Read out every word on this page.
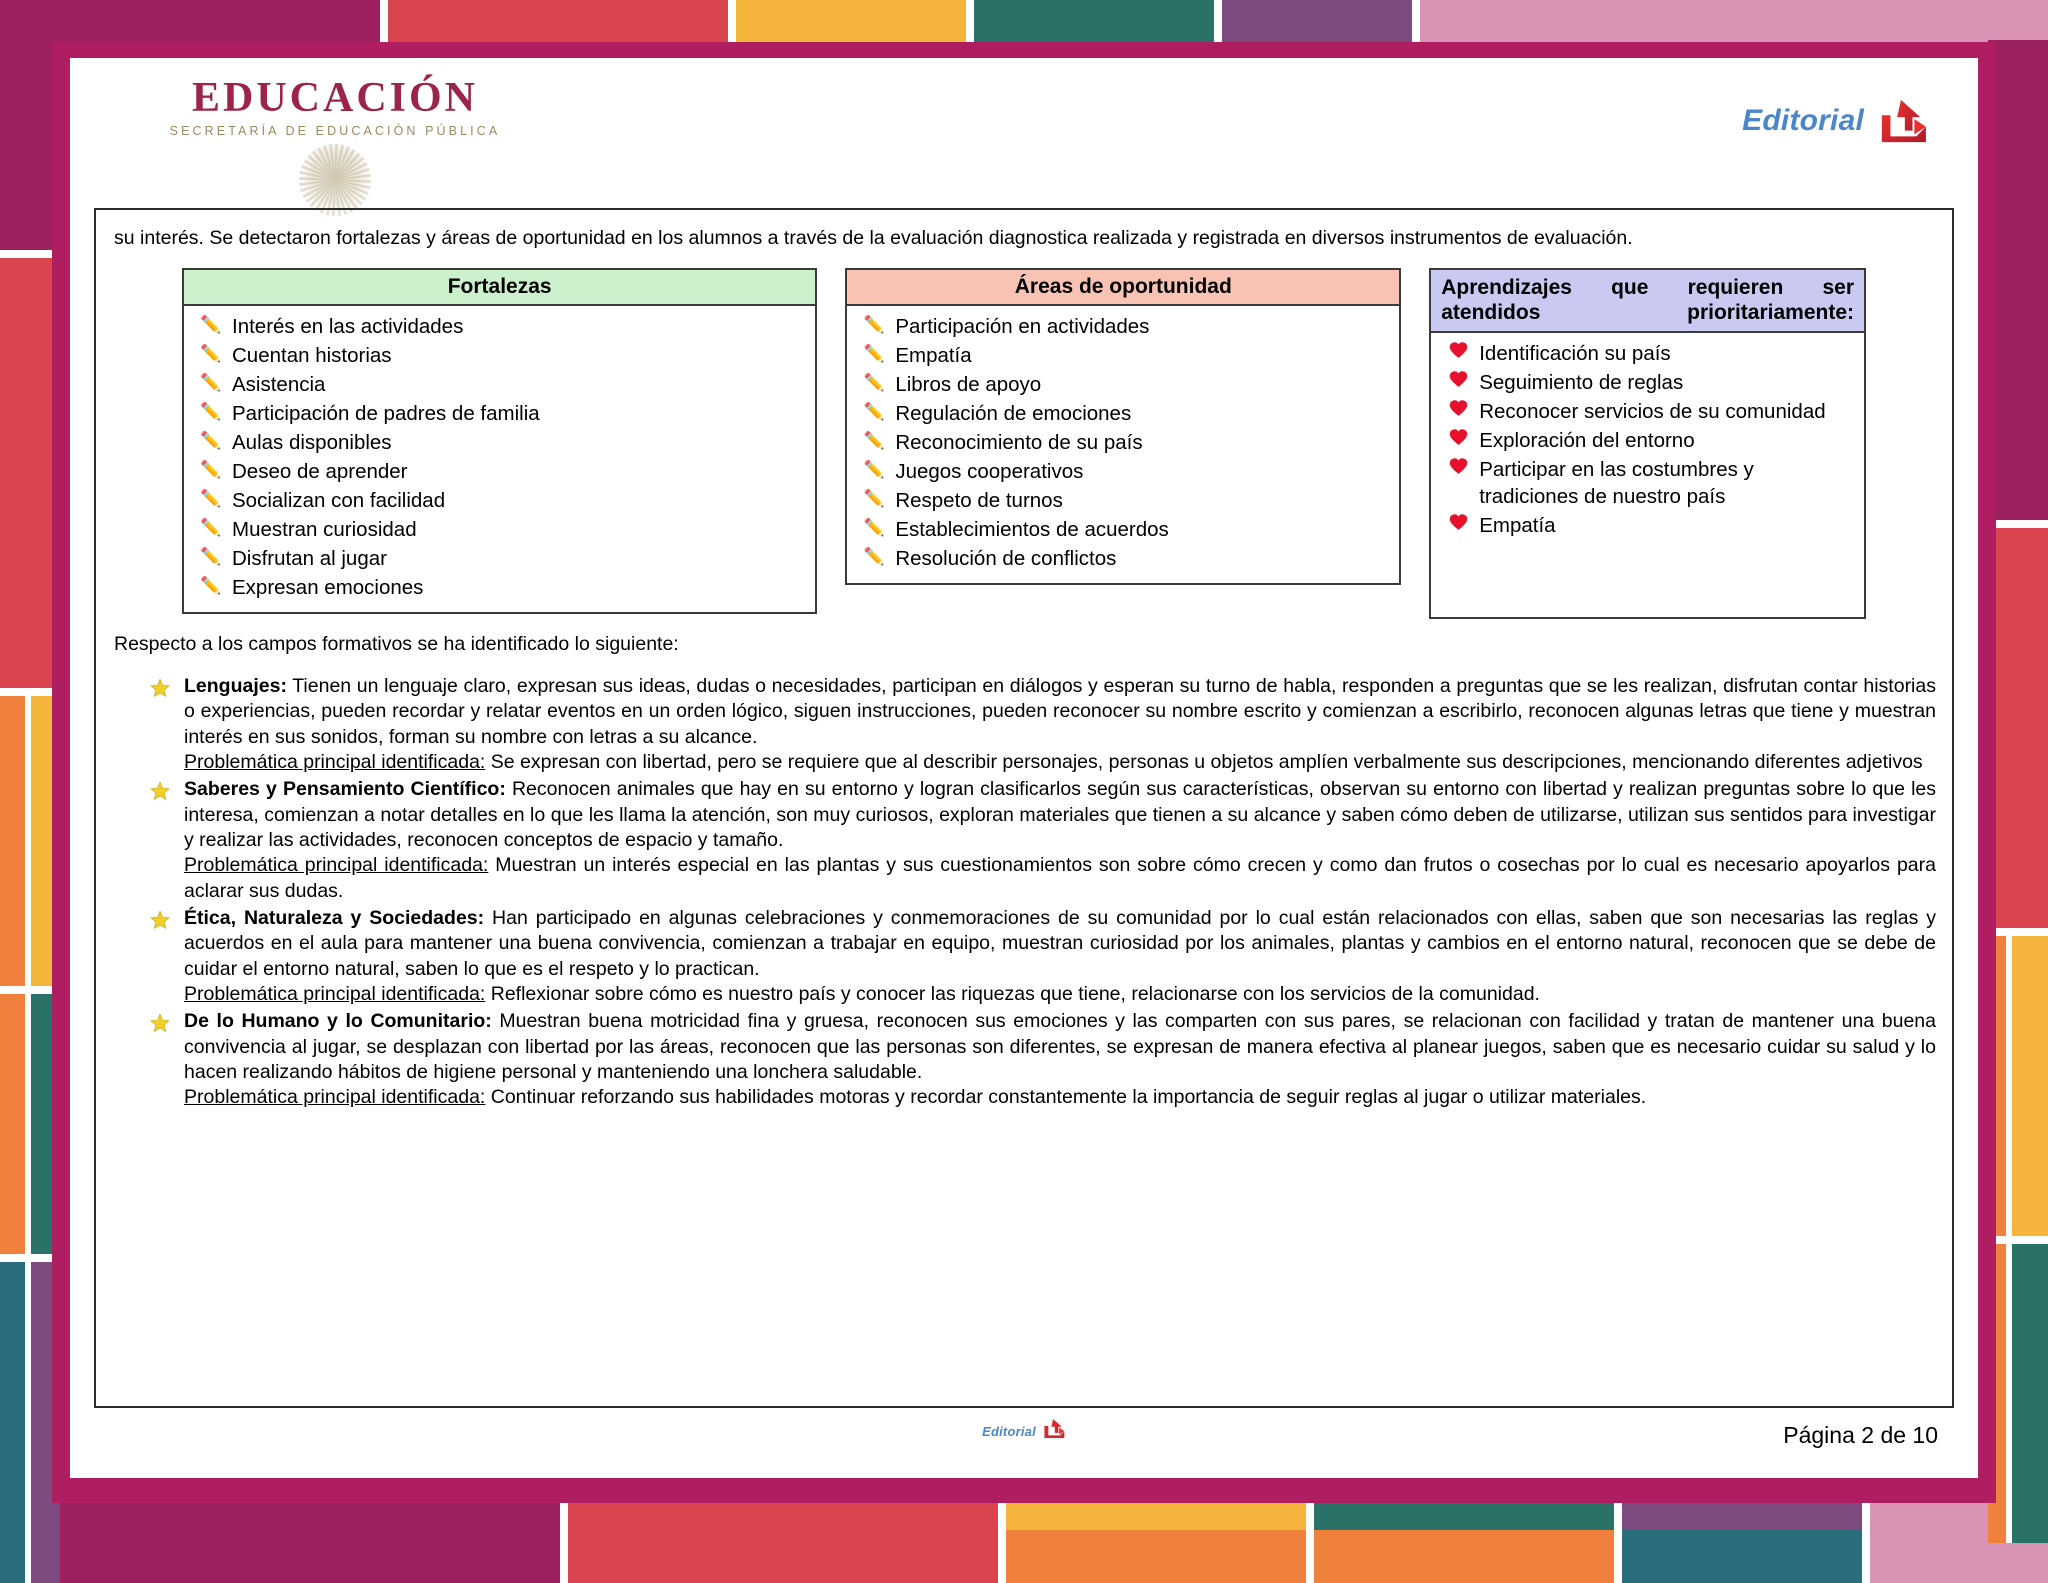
EDUCACIÓN
SECRETARÍA DE EDUCACIÓN PÚBLICA	Editorial

su interés. Se detectaron fortalezas y áreas de oportunidad en los alumnos a través de la evaluación diagnostica realizada y registrada en diversos instrumentos de evaluación.

Fortalezas
✏️ Interés en las actividades
✏️ Cuentan historias
✏️ Asistencia
✏️ Participación de padres de familia
✏️ Aulas disponibles
✏️ Deseo de aprender
✏️ Socializan con facilidad
✏️ Muestran curiosidad
✏️ Disfrutan al jugar
✏️ Expresan emociones
Áreas de oportunidad
✏️ Participación en actividades
✏️ Empatía
✏️ Libros de apoyo
✏️ Regulación de emociones
✏️ Reconocimiento de su país
✏️ Juegos cooperativos
✏️ Respeto de turnos
✏️ Establecimientos de acuerdos
✏️ Resolución de conflictos
Aprendizajes que requieren ser atendidos prioritariamente:
Identificación su país
Seguimiento de reglas
Reconocer servicios de su comunidad
Exploración del entorno
Participar en las costumbres y tradiciones de nuestro país
Empatía

Respecto a los campos formativos se ha identificado lo siguiente:

Lenguajes: Tienen un lenguaje claro, expresan sus ideas, dudas o necesidades, participan en diálogos y esperan su turno de habla, responden a preguntas que se les realizan, disfrutan contar historias o experiencias, pueden recordar y relatar eventos en un orden lógico, siguen instrucciones, pueden reconocer su nombre escrito y comienzan a escribirlo, reconocen algunas letras que tiene y muestran interés en sus sonidos, forman su nombre con letras a su alcance.
Problemática principal identificada: Se expresan con libertad, pero se requiere que al describir personajes, personas u objetos amplíen verbalmente sus descripciones, mencionando diferentes adjetivos
Saberes y Pensamiento Científico: Reconocen animales que hay en su entorno y logran clasificarlos según sus características, observan su entorno con libertad y realizan preguntas sobre lo que les interesa, comienzan a notar detalles en lo que les llama la atención, son muy curiosos, exploran materiales que tienen a su alcance y saben cómo deben de utilizarse, utilizan sus sentidos para investigar y realizar las actividades, reconocen conceptos de espacio y tamaño.
Problemática principal identificada: Muestran un interés especial en las plantas y sus cuestionamientos son sobre cómo crecen y como dan frutos o cosechas por lo cual es necesario apoyarlos para aclarar sus dudas.
Ética, Naturaleza y Sociedades: Han participado en algunas celebraciones y conmemoraciones de su comunidad por lo cual están relacionados con ellas, saben que son necesarias las reglas y acuerdos en el aula para mantener una buena convivencia, comienzan a trabajar en equipo, muestran curiosidad por los animales, plantas y cambios en el entorno natural, reconocen que se debe de cuidar el entorno natural, saben lo que es el respeto y lo practican.
Problemática principal identificada: Reflexionar sobre cómo es nuestro país y conocer las riquezas que tiene, relacionarse con los servicios de la comunidad.
De lo Humano y lo Comunitario: Muestran buena motricidad fina y gruesa, reconocen sus emociones y las comparten con sus pares, se relacionan con facilidad y tratan de mantener una buena convivencia al jugar, se desplazan con libertad por las áreas, reconocen que las personas son diferentes, se expresan de manera efectiva al planear juegos, saben que es necesario cuidar su salud y lo hacen realizando hábitos de higiene personal y manteniendo una lonchera saludable.
Problemática principal identificada: Continuar reforzando sus habilidades motoras y recordar constantemente la importancia de seguir reglas al jugar o utilizar materiales.
Editorial	Página 2 de 10
